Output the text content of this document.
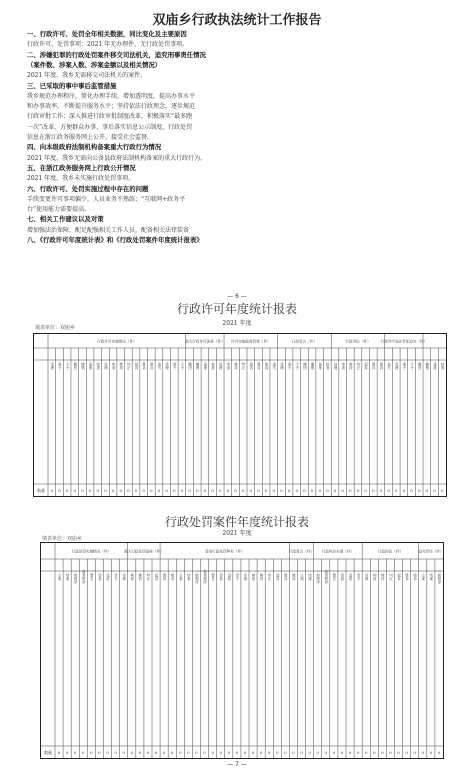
双庙乡行政执法统计工作报告
一、行政许可、处罚全年相关数据，同比变化及主要原因
行政许可、处罚事项：2021 年无办理件，无行政处罚事项。
二、涉嫌犯罪的行政处罚案件移交司法机关，追究刑事责任情况
（案件数、涉案人数、涉案金额以及相关情况）
2021 年度，我乡无需移交司法机关的案件。
三、已采取的事中事后监管措施
我乡规范办理程序，简化办理手续，增加透明度，提高办事水平
和办事效率，不断提升服务水平；坚持依法行政理念，逐步规范
行政审批工作；深入推进行政审批制度改革，积极落实“最多跑
一次”改革，方便群众办事，事后落实信息公示制度，行政处罚
信息在浙江政务服务网上公开，接受社会监督。
四、向本级政府法制机构备案重大行政行为情况
2021 年度，我乡无需向公备县政府法制机构备案的重大行政行为。
五、在浙江政务服务网上行政公开情况
2021 年度，我乡未实施行政处罚事项。
六、行政许可、处罚实施过程中存在的问题
手续变更许可事项偏少，人员业务不熟练；“互联网+政务平
台”使用能力需要提高。
七、相关工作建议以及对策
增加强法治保障，配足配强相关工作人员，配备相关法律装备
八、《行政许可年度统计表》和《行政处罚案件年度统计报表》
— 6 —
行政许可年度统计报表
2021 年度
填表单位：双庙乡
行政许可实施情况（件）	重大行政许可备案（件） 许可实施监督管理（件）	行政复议（件）	行政诉讼（件）	行政许可违法责任追究（件）
受理 准予 不予 撤回 撤销 备案 检查 处理 申请 维持 纠正 起诉 胜诉 败诉 追究 受理 准予 不予 撤回 撤销 备案 检查 处理 申请 维持 纠正 起诉 胜诉 败诉 追究 受理 准予 不予 撤回 撤销 备案 检查 处理 申请 维持 纠正 起诉 胜诉 败诉 追究 受理 准予 不予 撤回 撤销 备案 检查
数量 0 0 0 0 0 0 0 0 0 0 0 0 0 0 0 0 0 0 0 0 0 0 0 0 0 0 0 0 0 0 0 0 0 0 0 0 0 0 0 0 0 0 0 0 0 0 0 0 0 0 0 0
行政处罚案件年度统计报表
2021 年度
填表单位：双庙乡
行政处罚实施情况（件）	重大行政处罚备案（件）	适用行政处罚种类（件）	行政复议（件） 行政执法办理（件）	行政诉讼（件）	追究责任（件）
立案 结案 一般程序 简易程序 警告 罚款 没收 责令 吊销 拘留 维持 纠正 起诉 胜诉 败诉 立案 结案 一般程序 简易程序 警告 罚款 没收 责令 吊销 拘留 维持 纠正 起诉 胜诉 败诉 立案 结案 一般程序 简易程序 警告 罚款 没收 责令 吊销 拘留 维持 纠正 起诉 胜诉 败诉 立案 结案 一般程序
数量 0 0 0 0 0 0 0 0 0 0 0 0 0 0 0 0 0 0 0 0 0 0 0 0 0 0 0 0 0 0 0 0 0 0 0 0 0 0 0 0 0 0 0 0 0 0 0 0
— 7 —
